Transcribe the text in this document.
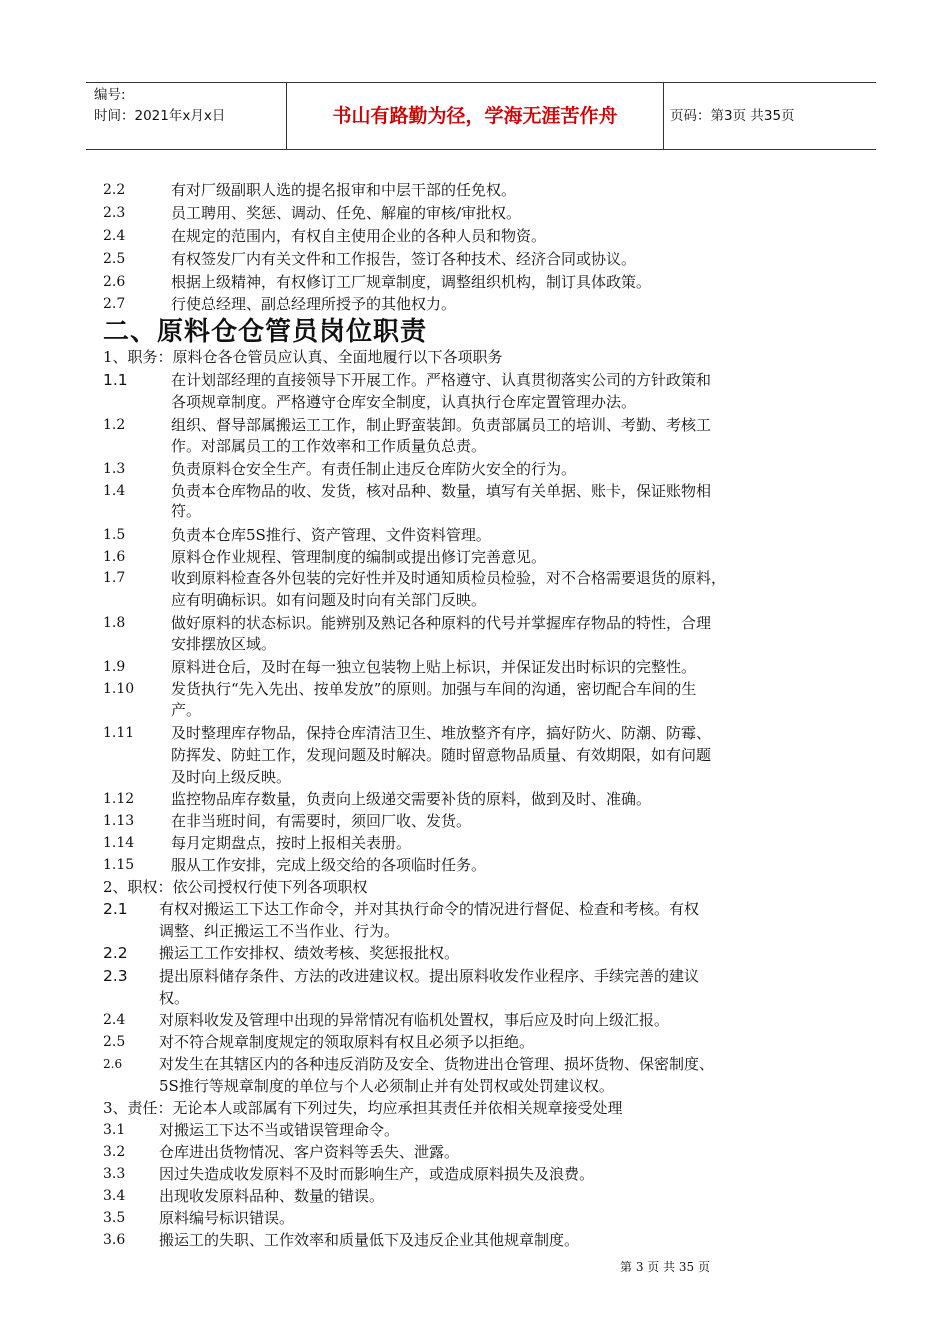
编号:
时间：2021年x月x日	书山有路勤为径，学海无涯苦作舟	页码：第3页 共35页
2.2	有对厂级副职人选的提名报审和中层干部的任免权。
2.3	员工聘用、奖惩、调动、任免、解雇的审核/审批权。
2.4	在规定的范围内，有权自主使用企业的各种人员和物资。
2.5	有权签发厂内有关文件和工作报告，签订各种技术、经济合同或协议。
2.6	根据上级精神，有权修订工厂规章制度，调整组织机构，制订具体政策。
2.7	行使总经理、副总经理所授予的其他权力。
二、原料仓仓管员岗位职责
1、职务：原料仓各仓管员应认真、全面地履行以下各项职务
1.1	在计划部经理的直接领导下开展工作。严格遵守、认真贯彻落实公司的方针政策和
各项规章制度。严格遵守仓库安全制度，认真执行仓库定置管理办法。
1.2	组织、督导部属搬运工工作，制止野蛮装卸。负责部属员工的培训、考勤、考核工
作。对部属员工的工作效率和工作质量负总责。
1.3	负责原料仓安全生产。有责任制止违反仓库防火安全的行为。
1.4	负责本仓库物品的收、发货，核对品种、数量，填写有关单据、账卡，保证账物相
符。
1.5	负责本仓库5S推行、资产管理、文件资料管理。
1.6	原料仓作业规程、管理制度的编制或提出修订完善意见。
1.7	收到原料检查各外包装的完好性并及时通知质检员检验，对不合格需要退货的原料，
应有明确标识。如有问题及时向有关部门反映。
1.8	做好原料的状态标识。能辨别及熟记各种原料的代号并掌握库存物品的特性，合理
安排摆放区域。
1.9	原料进仓后，及时在每一独立包装物上贴上标识，并保证发出时标识的完整性。
1.10 发货执行“先入先出、按单发放”的原则。加强与车间的沟通，密切配合车间的生
产。
1.11 及时整理库存物品，保持仓库清洁卫生、堆放整齐有序，搞好防火、防潮、防霉、
防挥发、防蛀工作，发现问题及时解决。随时留意物品质量、有效期限，如有问题
及时向上级反映。
1.12 监控物品库存数量，负责向上级递交需要补货的原料，做到及时、准确。
1.13 在非当班时间，有需要时，须回厂收、发货。
1.14 每月定期盘点，按时上报相关表册。
1.15 服从工作安排，完成上级交给的各项临时任务。
2、职权：依公司授权行使下列各项职权
2.1 有权对搬运工下达工作命令，并对其执行命令的情况进行督促、检查和考核。有权
调整、纠正搬运工不当作业、行为。
2.2 搬运工工作安排权、绩效考核、奖惩报批权。
2.3 提出原料储存条件、方法的改进建议权。提出原料收发作业程序、手续完善的建议
权。
2.4 对原料收发及管理中出现的异常情况有临机处置权，事后应及时向上级汇报。
2.5 对不符合规章制度规定的领取原料有权且必须予以拒绝。
2.6 对发生在其辖区内的各种违反消防及安全、货物进出仓管理、损坏货物、保密制度、
5S推行等规章制度的单位与个人必须制止并有处罚权或处罚建议权。
3、责任：无论本人或部属有下列过失，均应承担其责任并依相关规章接受处理
3.1 对搬运工下达不当或错误管理命令。
3.2 仓库进出货物情况、客户资料等丢失、泄露。
3.3 因过失造成收发原料不及时而影响生产，或造成原料损失及浪费。
3.4 出现收发原料品种、数量的错误。
3.5 原料编号标识错误。
3.6 搬运工的失职、工作效率和质量低下及违反企业其他规章制度。
第 3 页 共 35 页
